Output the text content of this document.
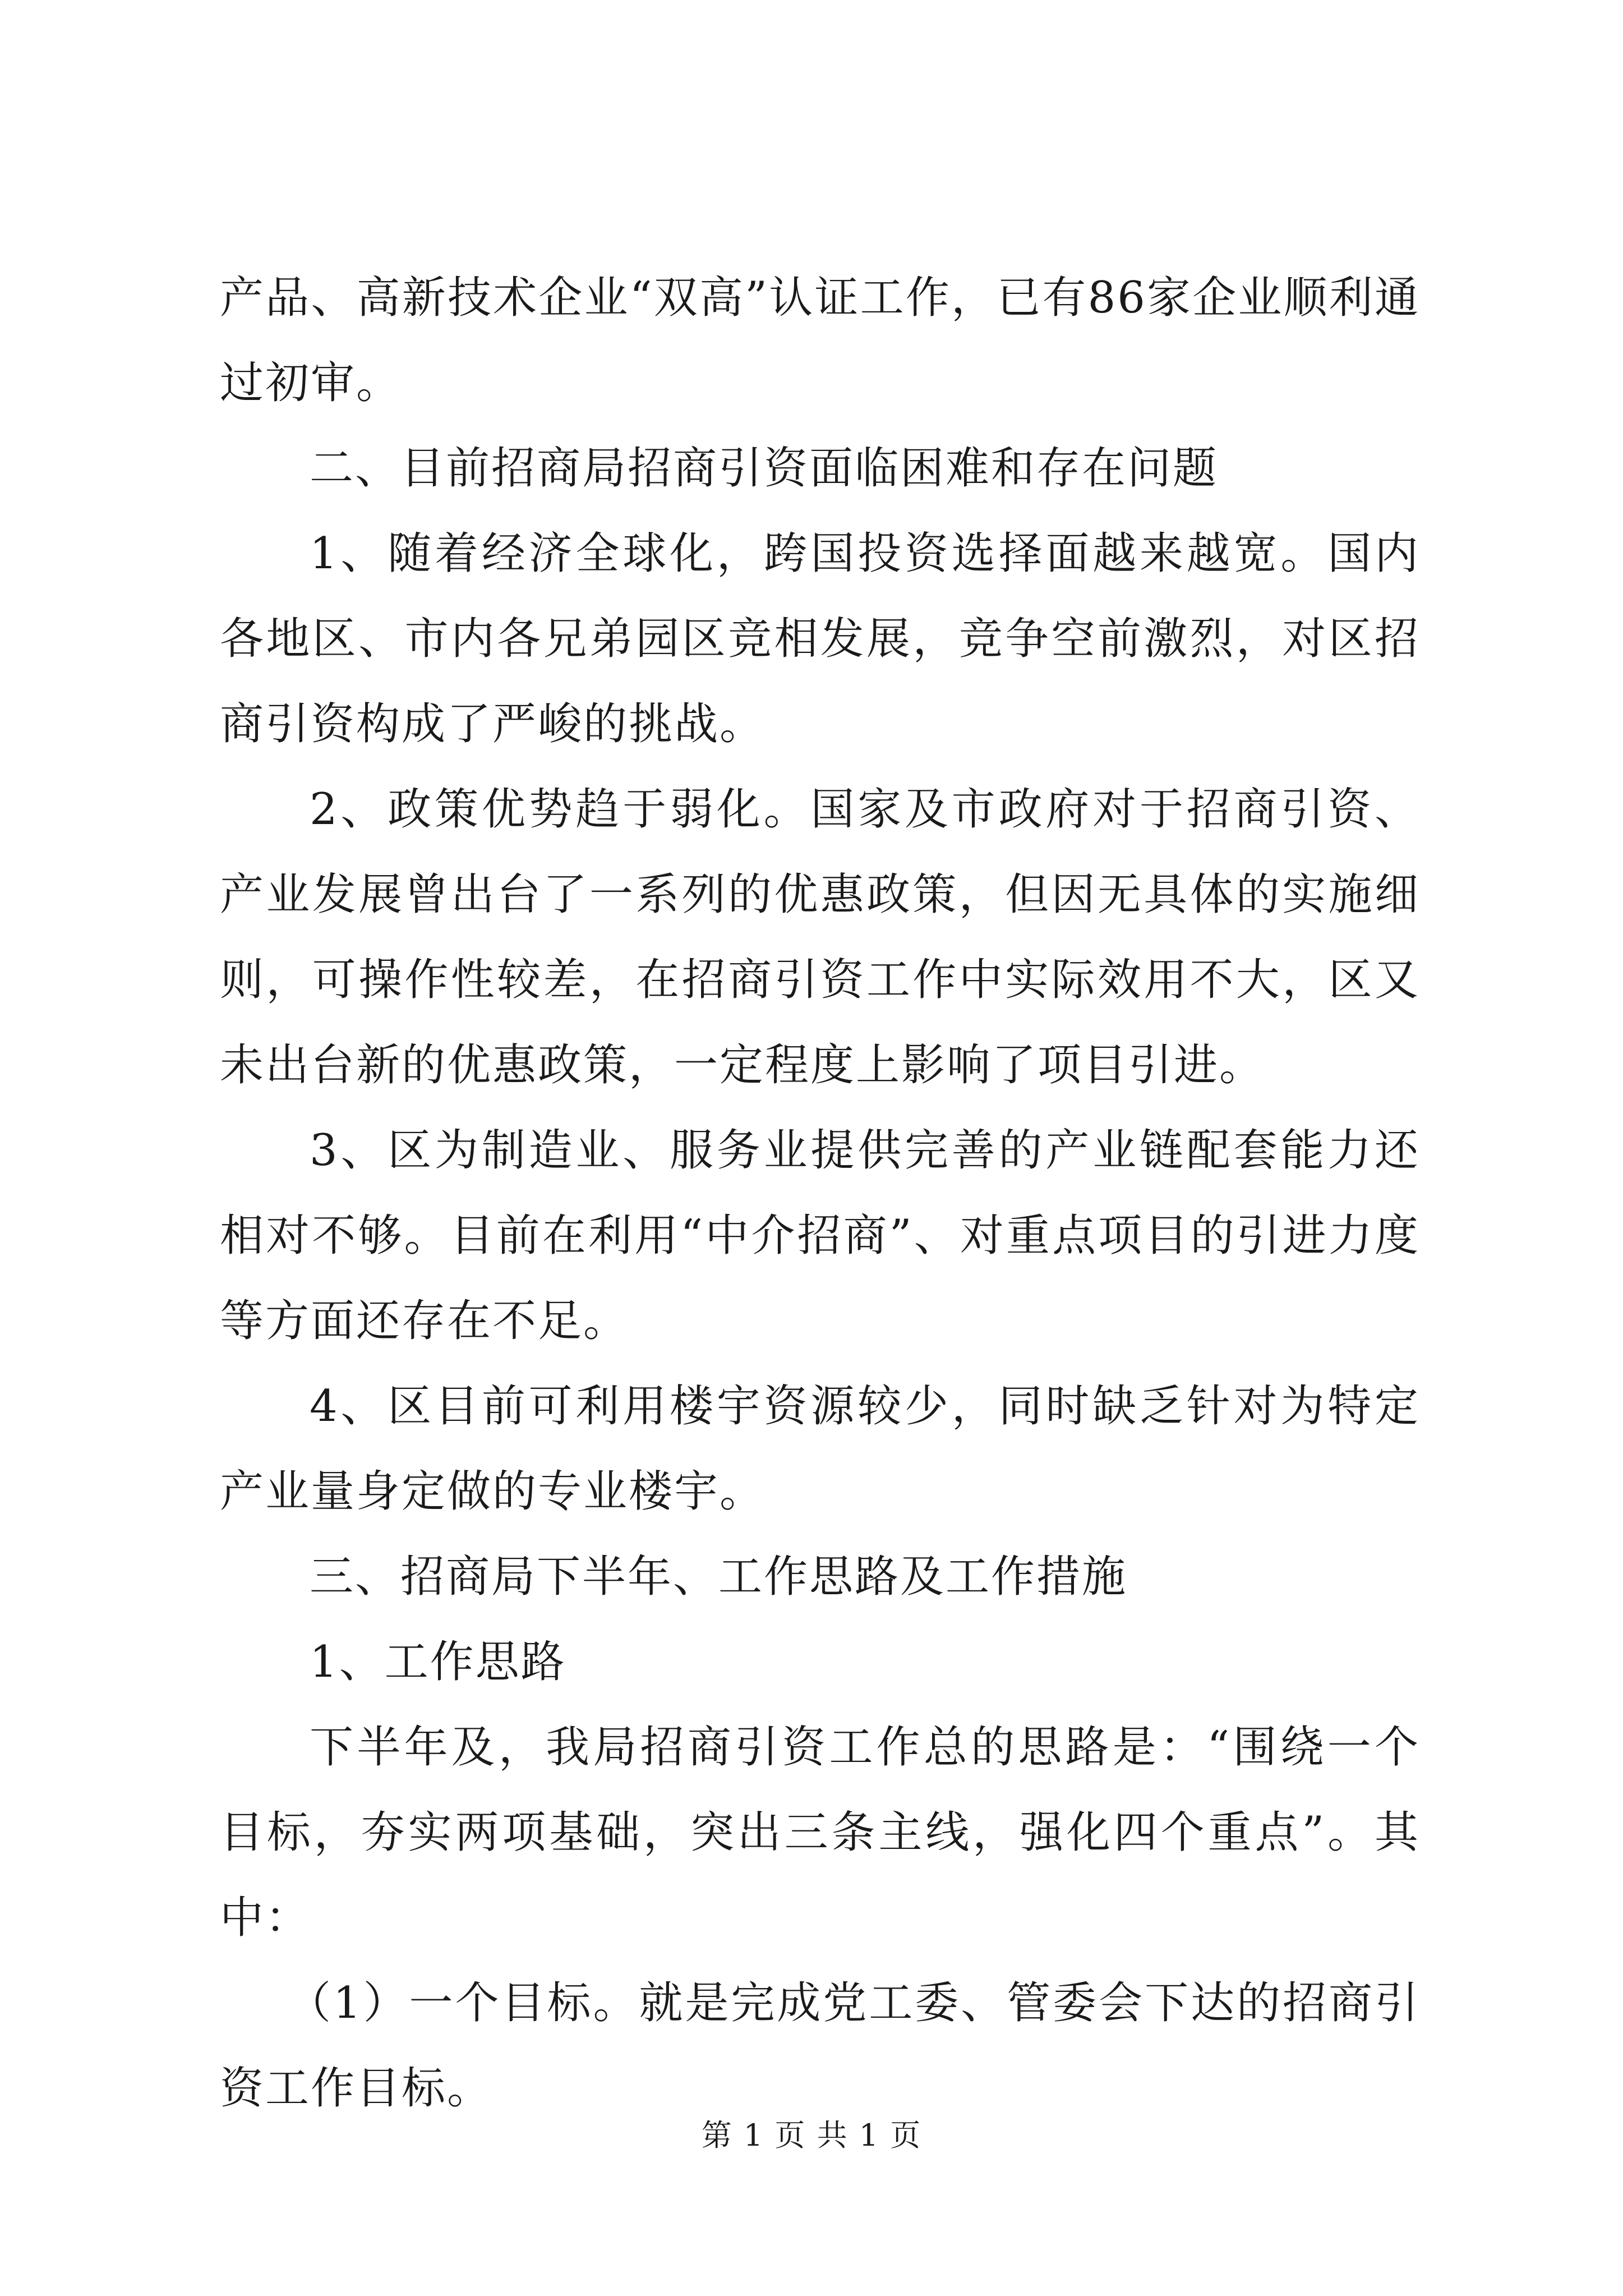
产品、高新技术企业“双高”认证工作，已有86家企业顺利通过初审。

二、目前招商局招商引资面临困难和存在问题

1、随着经济全球化，跨国投资选择面越来越宽。国内各地区、市内各兄弟园区竞相发展，竞争空前激烈，对区招商引资构成了严峻的挑战。

2、政策优势趋于弱化。国家及市政府对于招商引资、产业发展曾出台了一系列的优惠政策，但因无具体的实施细则，可操作性较差，在招商引资工作中实际效用不大，区又未出台新的优惠政策，一定程度上影响了项目引进。

3、区为制造业、服务业提供完善的产业链配套能力还相对不够。目前在利用“中介招商”、对重点项目的引进力度等方面还存在不足。

4、区目前可利用楼宇资源较少，同时缺乏针对为特定产业量身定做的专业楼宇。

三、招商局下半年、工作思路及工作措施

1、工作思路

下半年及，我局招商引资工作总的思路是：“围绕一个目标，夯实两项基础，突出三条主线，强化四个重点”。其中：

（1）一个目标。就是完成党工委、管委会下达的招商引资工作目标。

第 1 页 共 1 页
